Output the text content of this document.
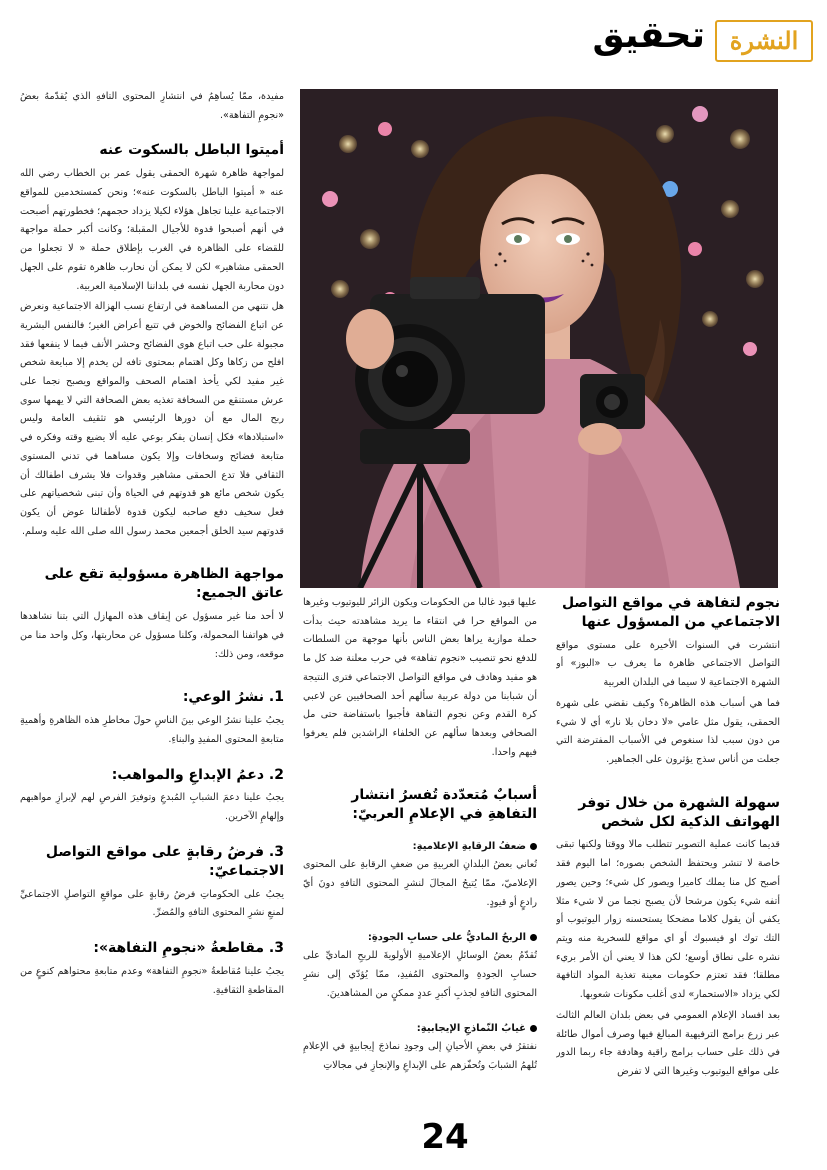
النشرة
تحقيق

مفيدة، ممّا يُساهِمُ في انتشارِ المحتوى التافهِ الذي يُقدّمهُ بعضُ «نجومِ التفاهة».

أميتوا الباطل بالسكوت عنه

لمواجهة ظاهرة شهرة الحمقى يقول عمر بن الخطاب رضي الله عنه « أميتوا الباطل بالسكوت عنه»؛ ونحن كمستخدمين للمواقع الاجتماعية علينا تجاهل هؤلاء لكيلا يزداد حجمهم؛ فخطورتهم أصبحت في أنهم أصبحوا قدوة للأجيال المقبلة؛ وكانت أكبر حملة مواجهة للقضاء على الظاهرة في الغرب بإطلاق حملة « لا تجعلوا من الحمقى مشاهير» لكن لا يمكن أن نحارب ظاهرة تقوم على الجهل دون محاربة الجهل نفسه في بلداننا الإسلامية العربية.

هل نتنهي من المساهمة في ارتفاع نسب الهزالة الاجتماعية ونعرض عن اتباع الفضائح والخوض في تتبع أعراض الغير؛ فالنفس البشرية مجبولة على حب اتباع هوى الفضائح وحشر الأنف فيما لا ينفعها فقد افلح من زكاها وكل اهتمام بمحتوى تافه لن يخدم إلا مبايعة شخص غير مفيد لكي يأخذ اهتمام الصحف والمواقع ويصبح نجما على عرش مستنقع من السخافة تغذيه بعض الصحافة التي لا يهمها سوى ربح المال مع أن دورها الرئيسي هو تثقيف العامة وليس «استبلادها» فكل إنسان يفكر بوعي عليه ألا يضيع وقته وفكره في متابعة فضائح وسخافات وإلا يكون مساهما في تدني المستوى الثقافي فلا تدع الحمقى مشاهير وقدوات فلا يشرف اطفالك أن يكون شخص مائع هو قدوتهم في الحياة وأن تبنى شخصياتهم على فعل سخيف دفع صاحبه ليكون قدوة لأطفالنا عوض أن يكون قدوتهم سيد الخلق أجمعين محمد رسول الله صلى الله عليه وسلم.

مواجهة الظاهرة مسؤولية تقع على عاتق الجميع:

لا أحد منا غير مسؤول عن إيقاف هذه المهازل التي بتنا نشاهدها في هواتفنا المحمولة، وكلنا مسؤول عن محاربتها، وكل واحد منا من موقعه، ومن ذلك:

1. نشرُ الوعي:

يجبُ علينا نشرُ الوعي بينَ الناسِ حولَ مخاطرِ هذه الظاهرةِ وأهميةِ متابعةِ المحتوى المفيدِ والبناءِ.

2. دعمُ الإبداعِ والمواهب:

يجبُ علينا دعمَ الشبابِ المُبدعِ وتوفيرَ الفرصِ لهم لإبرازِ مواهبهم وإلهامِ الآخرين.

3. فرضُ رقابةٍ على مواقع التواصل الاجتماعيّ:

يجبُ على الحكوماتِ فرضُ رقابةٍ على مواقعِ التواصلِ الاجتماعيِّ لمنعِ نشرِ المحتوى التافهِ والمُضرِّ.

3. مقاطعةُ «نجومِ التفاهة»:

يجبُ علينا مُقاطعةُ «نجومِ التفاهة» وعدم متابعةِ محتواهم كنوعٍ من المقاطعةِ الثقافيةِ.

عليها قيود غالبا من الحكومات ويكون الزائر لليوتيوب وغيرها من المواقع حرا في انتقاء ما يريد مشاهدته حيث بدأت حملة موازية يراها بعض الناس بأنها موجهة من السلطات للدفع نحو تنصيب «نجوم تفاهة» في حرب معلنة ضد كل ما هو مفيد وهادف في مواقع التواصل الاجتماعي فترى النتيجة أن شبابنا من دولة عربية سألهم أحد الصحافيين عن لاعبي كرة القدم وعن نجوم التفاهة فأجبوا باستفاضة حتى مل الصحافي وبعدها سألهم عن الخلفاء الراشدين فلم يعرفوا فيهم واحدا.

أسبابٌ مُتعدّدة تُفسرُ انتشار التفاهةِ في الإعلامِ العربيّ:
ضعفُ الرقابةِ الإعلاميةِ:

تُعاني بعضُ البلدانِ العربيةِ من ضعفِ الرقابةِ على المحتوى الإعلاميّ، ممّا يُتيحُ المجالَ لنشرِ المحتوى التافهِ دونَ أيّ رادعٍ أو قيودٍ.

الربحُ الماديُّ على حسابِ الجودةِ:

تُقدّمُ بعضُ الوسائلِ الإعلاميةِ الأولويةَ للربحِ الماديِّ على حسابِ الجودةِ والمحتوى المُفيدِ، ممّا يُؤدّي إلى نشرِ المحتوى التافهِ لجذبِ أكبرِ عددٍ ممكنٍ من المشاهدينَ.

غيابُ النّماذجِ الإيجابيةِ:

نفتقرُ في بعضِ الأحيانِ إلى وجودِ نماذجَ إيجابيةٍ في الإعلامِ تُلهمُ الشبابَ وتُحفّزهم على الإبداعِ والإنجازِ في مجالاتِ

نجوم لتفاهة في مواقع التواصل الاجتماعي من المسؤول عنها

انتشرت في السنوات الأخيرة على مستوى مواقع التواصل الاجتماعي ظاهرة ما يعرف ب «البوز» أو الشهرة الاجتماعية لا سيما في البلدان العربية

فما هي أسباب هذه الظاهرة؟ وكيف نقضي على شهرة الحمقى، يقول مثل عامي «لا دخان بلا نار» أي لا شيء من دون سبب لذا سنغوص في الأسباب المفترضة التي جعلت من أناس سذج يؤثرون على الجماهير.

سهولة الشهرة من خلال توفر الهواتف الذكية لكل شخص

قديما كانت عملية التصوير تتطلب مالا ووقتا ولكنها تبقى خاصة لا تنشر ويحتفظ الشخص بصوره؛ اما اليوم فقد أصبح كل منا يملك كاميرا ويصور كل شيء؛ وحين يصور أتفه شيء يكون مرشحا لأن يصبح نجما من لا شيء مثلا يكفي أن يقول كلاما مضحكا يستحسنه زوار اليوتيوب أو التك توك او فيسبوك أو اي مواقع للسخرية منه ويتم نشره على نطاق أوسع؛ لكن هذا لا يعني أن الأمر بريء مطلقا؛ فقد تعتزم حكومات معينة تغذية المواد التافهة لكي يزداد «الاستحمار» لدى أغلب مكونات شعوبها.

بعد افساد الإعلام العمومي في بعض بلدان العالم الثالث عبر زرع برامج الترفيهية المبالغ فيها وصرف أموال طائلة في ذلك على حساب برامج راقية وهادفة جاء ربما الدور على مواقع اليوتيوب وغيرها التي لا تفرض

24
